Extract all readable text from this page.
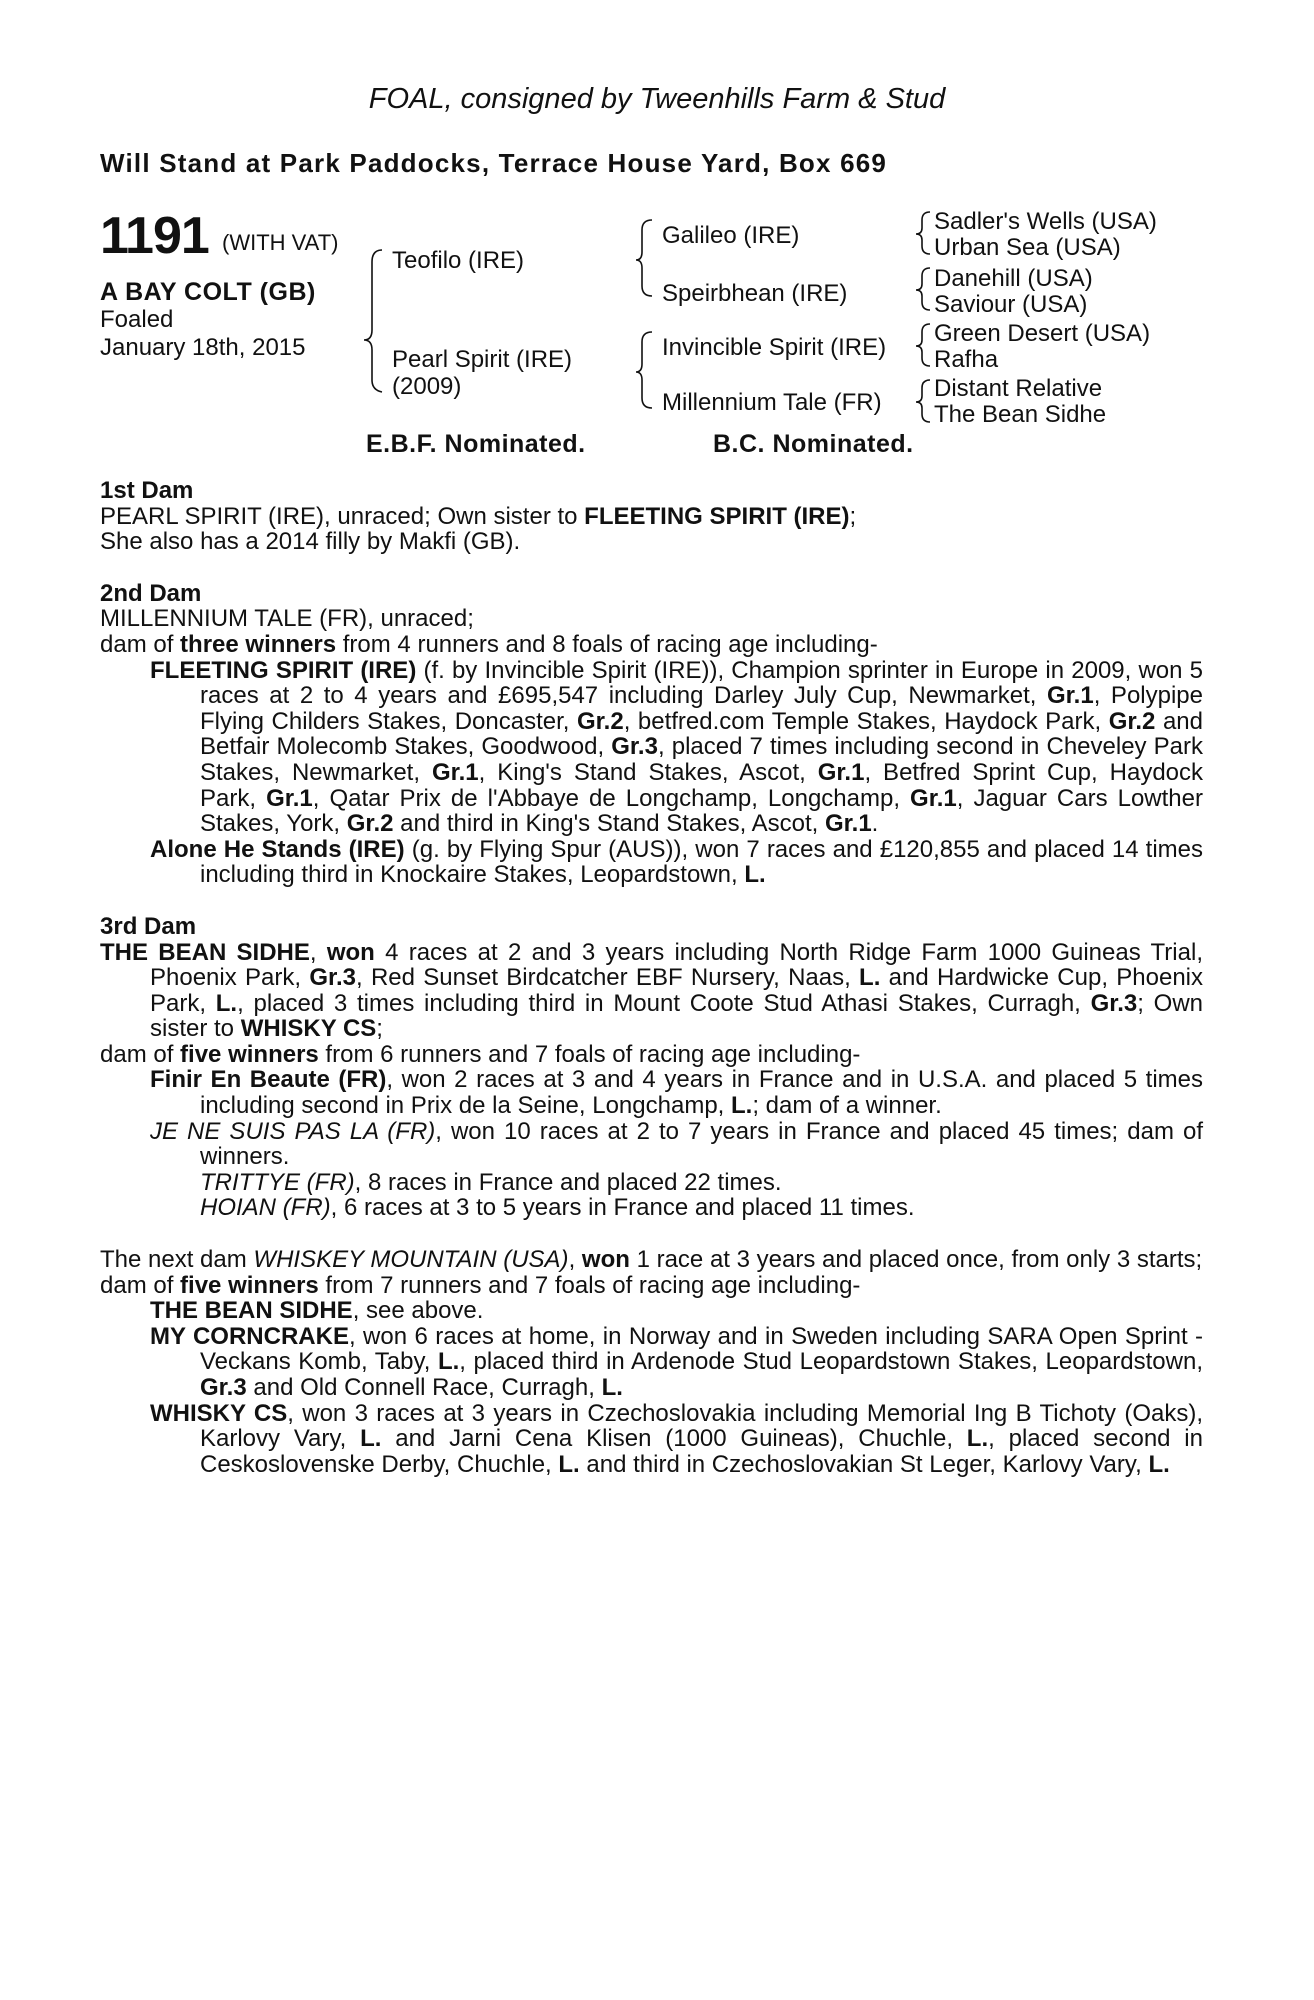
FOAL, consigned by Tweenhills Farm & Stud
Will Stand at Park Paddocks, Terrace House Yard, Box 669
1191 (WITH VAT)
A BAY COLT (GB)
Foaled
January 18th, 2015
Teofilo (IRE)
Pearl Spirit (IRE)
(2009)
Galileo (IRE)
Speirbhean (IRE)
Invincible Spirit (IRE)
Millennium Tale (FR)
Sadler's Wells (USA)
Urban Sea (USA)
Danehill (USA)
Saviour (USA)
Green Desert (USA)
Rafha
Distant Relative
The Bean Sidhe
E.B.F. Nominated.	B.C. Nominated.

1st Dam

PEARL SPIRIT (IRE), unraced; Own sister to FLEETING SPIRIT (IRE);

She also has a 2014 filly by Makfi (GB).

2nd Dam

MILLENNIUM TALE (FR), unraced;

dam of three winners from 4 runners and 8 foals of racing age including-

FLEETING SPIRIT (IRE) (f. by Invincible Spirit (IRE)), Champion sprinter in Europe in 2009, won 5 races at 2 to 4 years and £695,547 including Darley July Cup, Newmarket, Gr.1, Polypipe Flying Childers Stakes, Doncaster, Gr.2, betfred.com Temple Stakes, Haydock Park, Gr.2 and Betfair Molecomb Stakes, Goodwood, Gr.3, placed 7 times including second in Cheveley Park Stakes, Newmarket, Gr.1, King's Stand Stakes, Ascot, Gr.1, Betfred Sprint Cup, Haydock Park, Gr.1, Qatar Prix de l'Abbaye de Longchamp, Longchamp, Gr.1, Jaguar Cars Lowther Stakes, York, Gr.2 and third in King's Stand Stakes, Ascot, Gr.1.

Alone He Stands (IRE) (g. by Flying Spur (AUS)), won 7 races and £120,855 and placed 14 times including third in Knockaire Stakes, Leopardstown, L.

3rd Dam

THE BEAN SIDHE, won 4 races at 2 and 3 years including North Ridge Farm 1000 Guineas Trial, Phoenix Park, Gr.3, Red Sunset Birdcatcher EBF Nursery, Naas, L. and Hardwicke Cup, Phoenix Park, L., placed 3 times including third in Mount Coote Stud Athasi Stakes, Curragh, Gr.3; Own sister to WHISKY CS;

dam of five winners from 6 runners and 7 foals of racing age including-

Finir En Beaute (FR), won 2 races at 3 and 4 years in France and in U.S.A. and placed 5 times including second in Prix de la Seine, Longchamp, L.; dam of a winner.

JE NE SUIS PAS LA (FR), won 10 races at 2 to 7 years in France and placed 45 times; dam of winners.

TRITTYE (FR), 8 races in France and placed 22 times.

HOIAN (FR), 6 races at 3 to 5 years in France and placed 11 times.

The next dam WHISKEY MOUNTAIN (USA), won 1 race at 3 years and placed once, from only 3 starts;

dam of five winners from 7 runners and 7 foals of racing age including-

THE BEAN SIDHE, see above.

MY CORNCRAKE, won 6 races at home, in Norway and in Sweden including SARA Open Sprint - Veckans Komb, Taby, L., placed third in Ardenode Stud Leopardstown Stakes, Leopardstown, Gr.3 and Old Connell Race, Curragh, L.

WHISKY CS, won 3 races at 3 years in Czechoslovakia including Memorial Ing B Tichoty (Oaks), Karlovy Vary, L. and Jarni Cena Klisen (1000 Guineas), Chuchle, L., placed second in Ceskoslovenske Derby, Chuchle, L. and third in Czechoslovakian St Leger, Karlovy Vary, L.
